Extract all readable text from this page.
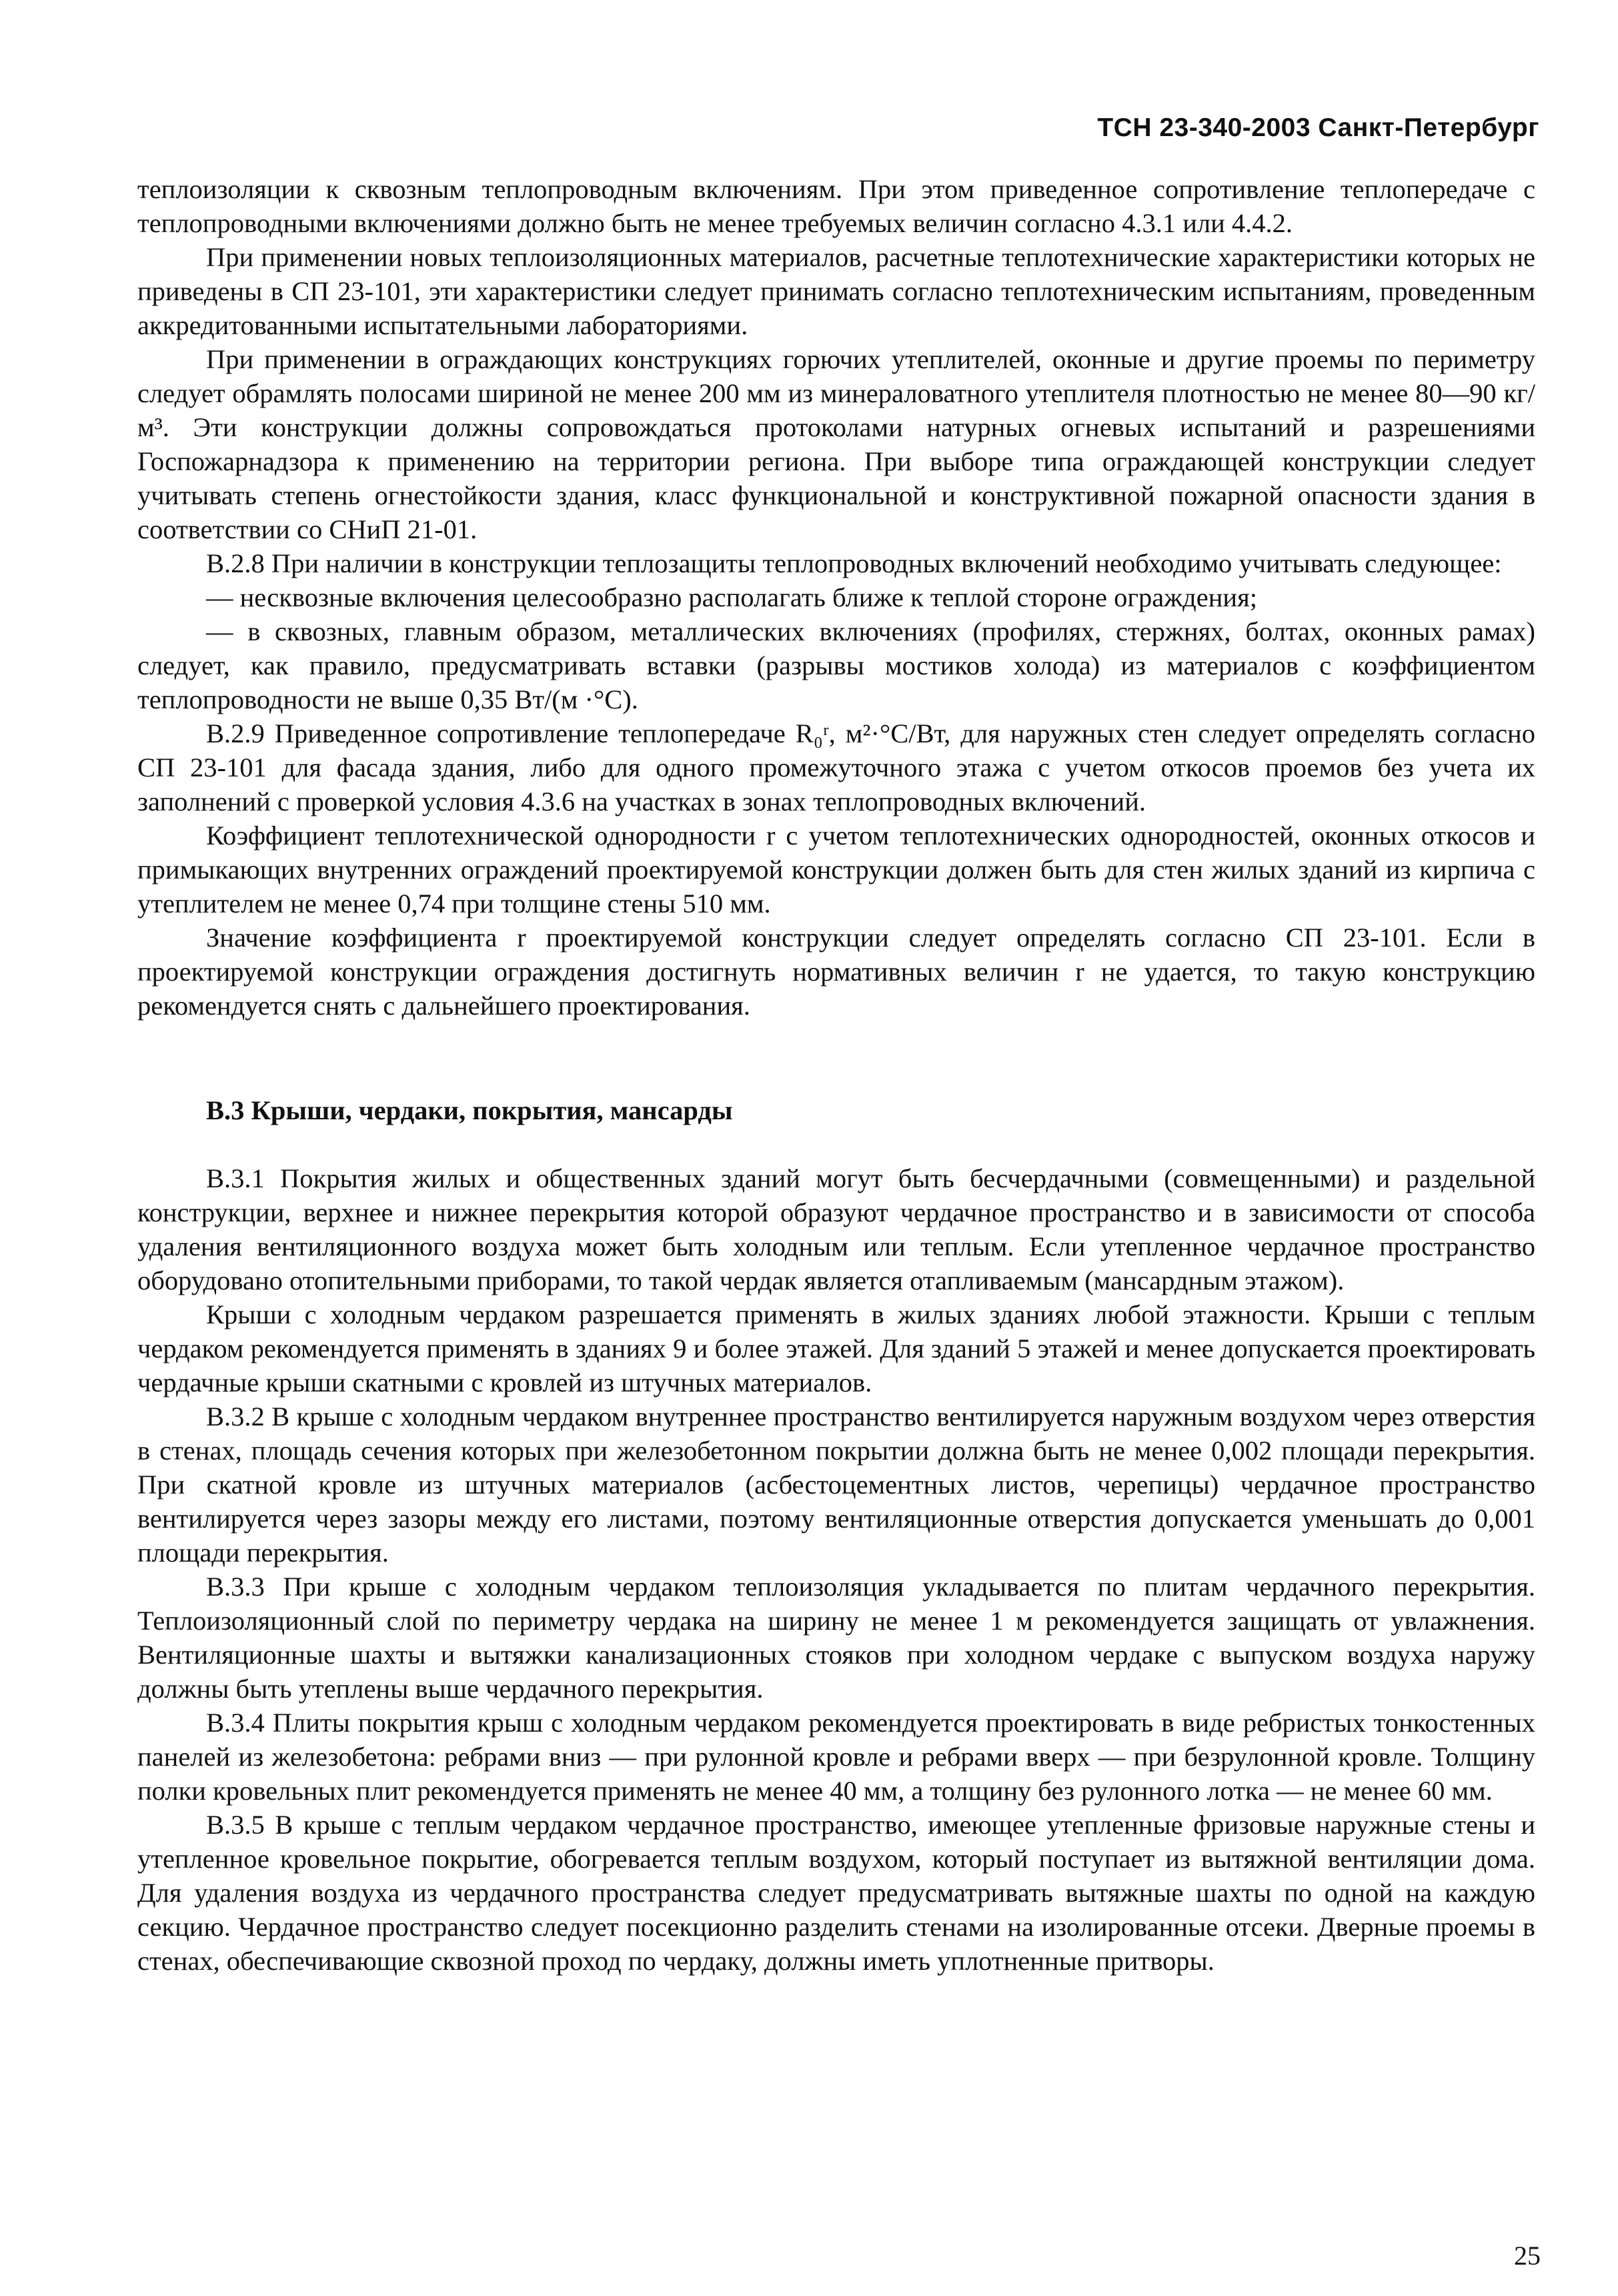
ТСН 23-340-2003 Санкт-Петербург

теплоизоляции к сквозным теплопроводным включениям. При этом приведенное сопротивление теплопередаче с теплопроводными включениями должно быть не менее требуемых величин согласно 4.3.1 или 4.4.2.

При применении новых теплоизоляционных материалов, расчетные теплотехнические характеристики которых не приведены в СП 23-101, эти характеристики следует принимать согласно теплотехническим испытаниям, проведенным аккредитованными испытательными лабораториями.

При применении в ограждающих конструкциях горючих утеплителей, оконные и другие проемы по периметру следует обрамлять полосами шириной не менее 200 мм из минераловатного утеплителя плотностью не менее 80—90 кг/м³. Эти конструкции должны сопровождаться протоколами натурных огневых испытаний и разрешениями Госпожарнадзора к применению на территории региона. При выборе типа ограждающей конструкции следует учитывать степень огнестойкости здания, класс функциональной и конструктивной пожарной опасности здания в соответствии со СНиП 21-01.

В.2.8 При наличии в конструкции теплозащиты теплопроводных включений необходимо учитывать следующее:

— несквозные включения целесообразно располагать ближе к теплой стороне ограждения;

— в сквозных, главным образом, металлических включениях (профилях, стержнях, болтах, оконных рамах) следует, как правило, предусматривать вставки (разрывы мостиков холода) из материалов с коэффициентом теплопроводности не выше 0,35 Вт/(м ·°С).

В.2.9 Приведенное сопротивление теплопередаче R₀ʳ, м²·°С/Вт, для наружных стен следует определять согласно СП 23-101 для фасада здания, либо для одного промежуточного этажа с учетом откосов проемов без учета их заполнений с проверкой условия 4.3.6 на участках в зонах теплопроводных включений.

Коэффициент теплотехнической однородности r с учетом теплотехнических однородностей, оконных откосов и примыкающих внутренних ограждений проектируемой конструкции должен быть для стен жилых зданий из кирпича с утеплителем не менее 0,74 при толщине стены 510 мм.

Значение коэффициента r проектируемой конструкции следует определять согласно СП 23-101. Если в проектируемой конструкции ограждения достигнуть нормативных величин r не удается, то такую конструкцию рекомендуется снять с дальнейшего проектирования.

В.3 Крыши, чердаки, покрытия, мансарды

В.3.1 Покрытия жилых и общественных зданий могут быть бесчердачными (совмещенными) и раздельной конструкции, верхнее и нижнее перекрытия которой образуют чердачное пространство и в зависимости от способа удаления вентиляционного воздуха может быть холодным или теплым. Если утепленное чердачное пространство оборудовано отопительными приборами, то такой чердак является отапливаемым (мансардным этажом).

Крыши с холодным чердаком разрешается применять в жилых зданиях любой этажности. Крыши с теплым чердаком рекомендуется применять в зданиях 9 и более этажей. Для зданий 5 этажей и менее допускается проектировать чердачные крыши скатными с кровлей из штучных материалов.

В.3.2 В крыше с холодным чердаком внутреннее пространство вентилируется наружным воздухом через отверстия в стенах, площадь сечения которых при железобетонном покрытии должна быть не менее 0,002 площади перекрытия. При скатной кровле из штучных материалов (асбестоцементных листов, черепицы) чердачное пространство вентилируется через зазоры между его листами, поэтому вентиляционные отверстия допускается уменьшать до 0,001 площади перекрытия.

В.3.3 При крыше с холодным чердаком теплоизоляция укладывается по плитам чердачного перекрытия. Теплоизоляционный слой по периметру чердака на ширину не менее 1 м рекомендуется защищать от увлажнения. Вентиляционные шахты и вытяжки канализационных стояков при холодном чердаке с выпуском воздуха наружу должны быть утеплены выше чердачного перекрытия.

В.3.4 Плиты покрытия крыш с холодным чердаком рекомендуется проектировать в виде ребристых тонкостенных панелей из железобетона: ребрами вниз — при рулонной кровле и ребрами вверх — при безрулонной кровле. Толщину полки кровельных плит рекомендуется применять не менее 40 мм, а толщину без рулонного лотка — не менее 60 мм.

В.3.5 В крыше с теплым чердаком чердачное пространство, имеющее утепленные фризовые наружные стены и утепленное кровельное покрытие, обогревается теплым воздухом, который поступает из вытяжной вентиляции дома. Для удаления воздуха из чердачного пространства следует предусматривать вытяжные шахты по одной на каждую секцию. Чердачное пространство следует посекционно разделить стенами на изолированные отсеки. Дверные проемы в стенах, обеспечивающие сквозной проход по чердаку, должны иметь уплотненные притворы.

25
